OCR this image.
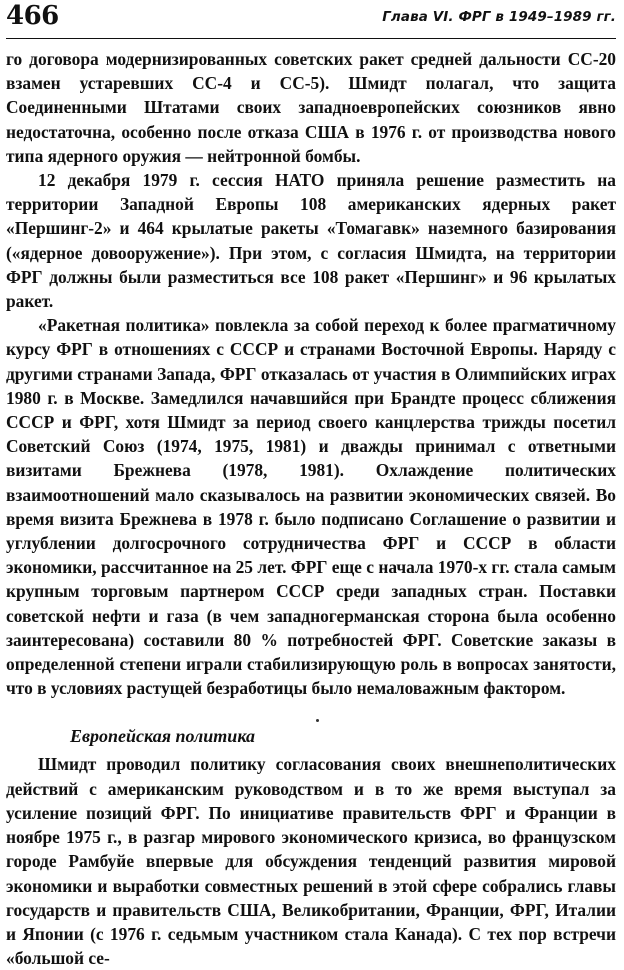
466	Глава VI. ФРГ в 1949–1989 гг.

го договора модернизированных советских ракет средней дальности СС-20 взамен устаревших СС-4 и СС-5). Шмидт полагал, что защита Соединенными Штатами своих западноевропейских союзников явно недостаточна, особенно после отказа США в 1976 г. от производства нового типа ядерного оружия — нейтронной бомбы.

12 декабря 1979 г. сессия НАТО приняла решение разместить на территории Западной Европы 108 американских ядерных ракет «Першинг-2» и 464 крылатые ракеты «Томагавк» наземного базирования («ядерное довооружение»). При этом, с согласия Шмидта, на территории ФРГ должны были разместиться все 108 ракет «Першинг» и 96 крылатых ракет.

«Ракетная политика» повлекла за собой переход к более прагматичному курсу ФРГ в отношениях с СССР и странами Восточной Европы. Наряду с другими странами Запада, ФРГ отказалась от участия в Олимпийских играх 1980 г. в Москве. Замедлился начавшийся при Брандте процесс сближения СССР и ФРГ, хотя Шмидт за период своего канцлерства трижды посетил Советский Союз (1974, 1975, 1981) и дважды принимал с ответными визитами Брежнева (1978, 1981). Охлаждение политических взаимоотношений мало сказывалось на развитии экономических связей. Во время визита Брежнева в 1978 г. было подписано Соглашение о развитии и углублении долгосрочного сотрудничества ФРГ и СССР в области экономики, рассчитанное на 25 лет. ФРГ еще с начала 1970-х гг. стала самым крупным торговым партнером СССР среди западных стран. Поставки советской нефти и газа (в чем западногерманская сторона была особенно заинтересована) составили 80 % потребностей ФРГ. Советские заказы в определенной степени играли стабилизирующую роль в вопросах занятости, что в условиях растущей безработицы было немаловажным фактором.

Европейская политика

Шмидт проводил политику согласования своих внешнеполитических действий с американским руководством и в то же время выступал за усиление позиций ФРГ. По инициативе правительств ФРГ и Франции в ноябре 1975 г., в разгар мирового экономического кризиса, во французском городе Рамбуйе впервые для обсуждения тенденций развития мировой экономики и выработки совместных решений в этой сфере собрались главы государств и правительств США, Великобритании, Франции, ФРГ, Италии и Японии (с 1976 г. седьмым участником стала Канада). С тех пор встречи «большой се-
